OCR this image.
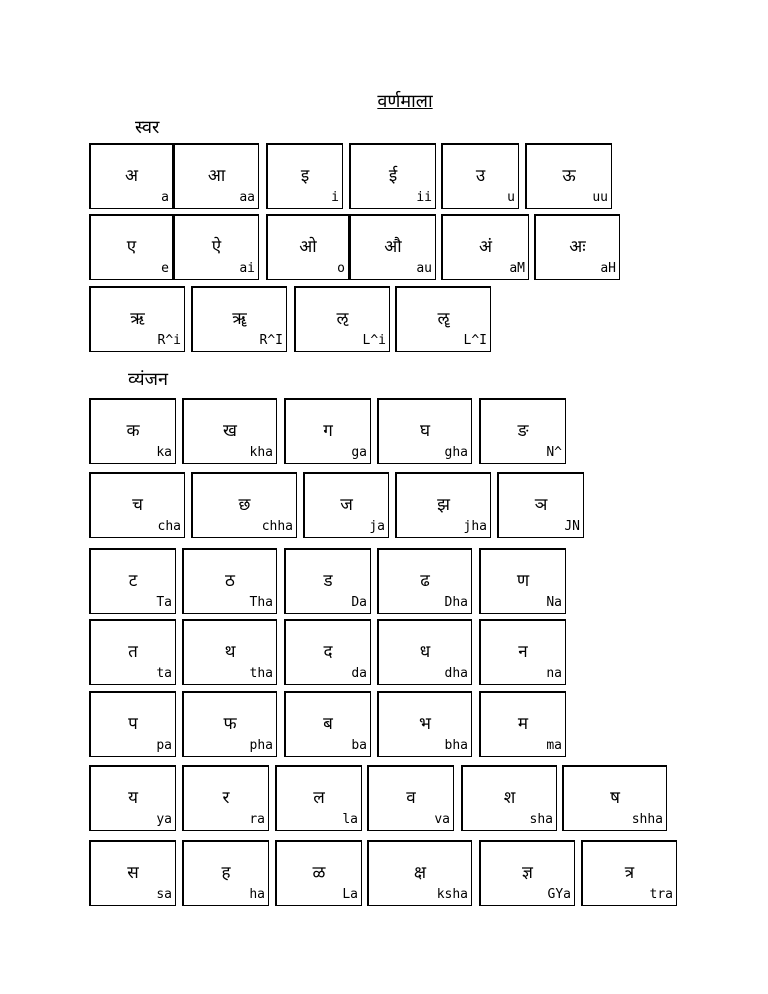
वर्णमाला
स्वर
व्यंजन
अ
a
आ
aa
इ
i
ई
ii
उ
u
ऊ
uu
ए
e
ऐ
ai
ओ
o
औ
au
अं
aM
अः
aH
ऋ
R^i
ॠ
R^I
ऌ
L^i
ॡ
L^I
क
ka
ख
kha
ग
ga
घ
gha
ङ
N^
च
cha
छ
chha
ज
ja
झ
jha
ञ
JN
ट
Ta
ठ
Tha
ड
Da
ढ
Dha
ण
Na
त
ta
थ
tha
द
da
ध
dha
न
na
प
pa
फ
pha
ब
ba
भ
bha
म
ma
य
ya
र
ra
ल
la
व
va
श
sha
ष
shha
स
sa
ह
ha
ळ
La
क्ष
ksha
ज्ञ
GYa
त्र
tra
